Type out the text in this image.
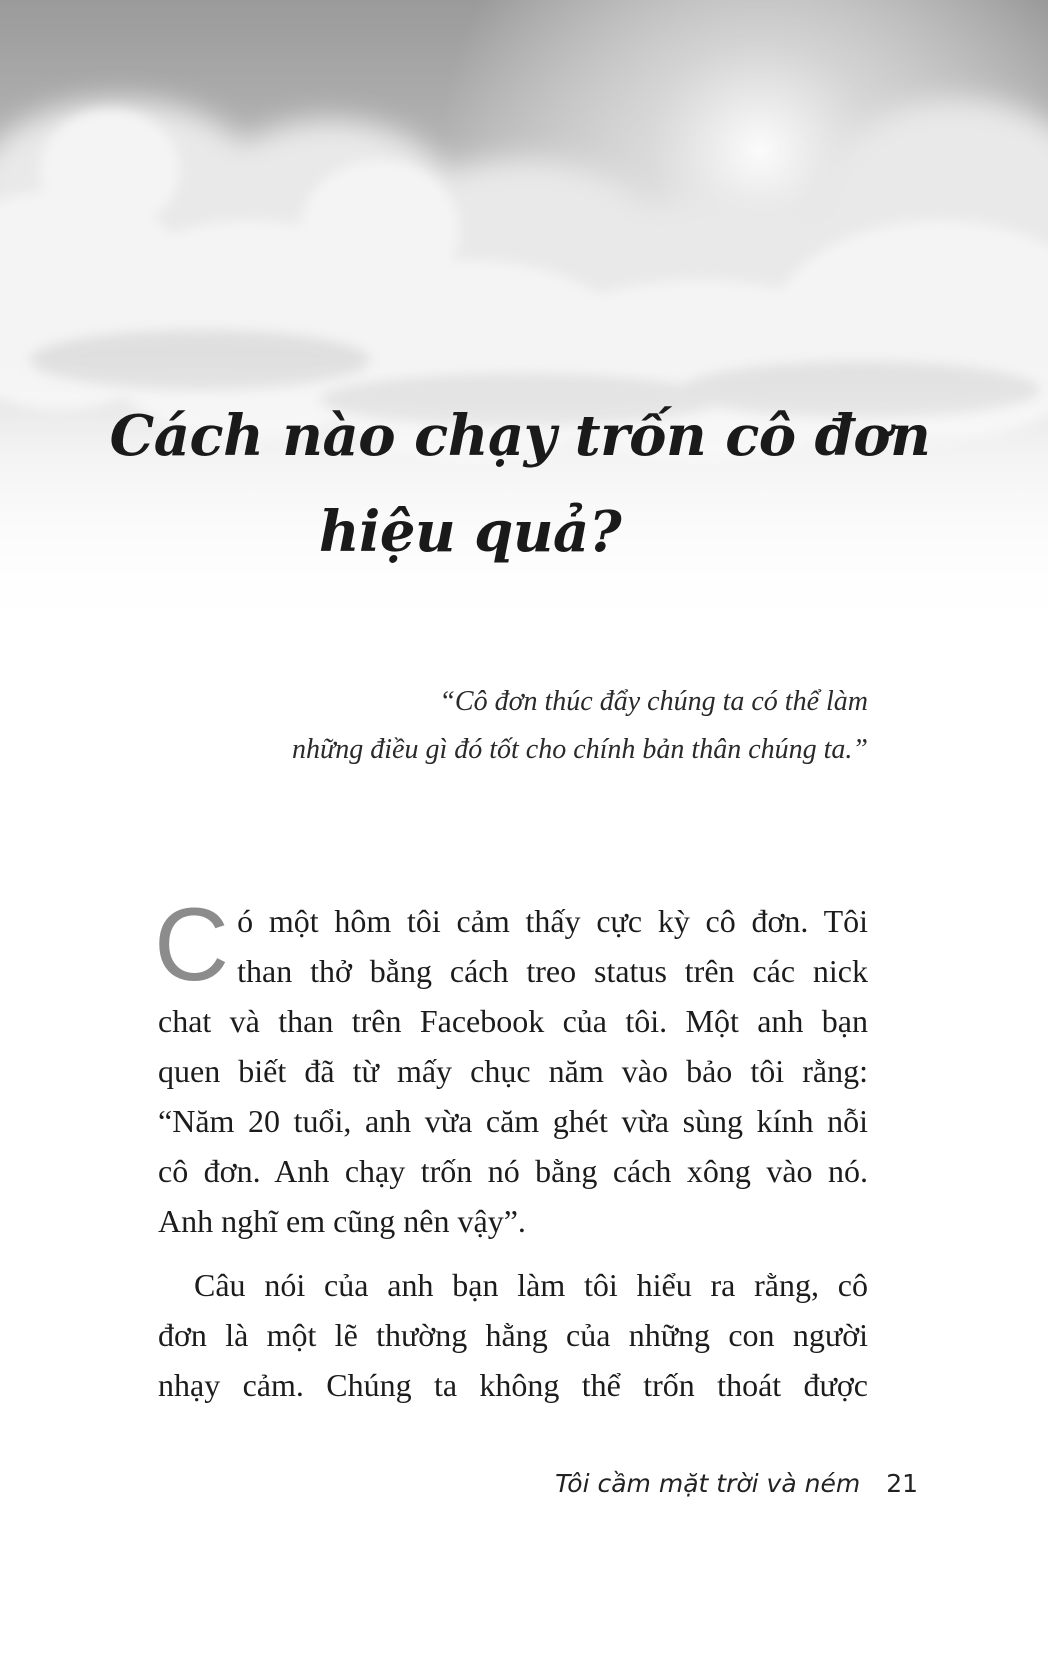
Cách nào chạy trốn cô đơn
hiệu quả?
“Cô đơn thúc đẩy chúng ta có thể làm
những điều gì đó tốt cho chính bản thân chúng ta.”
C ó một hôm tôi cảm thấy cực kỳ cô đơn. Tôi
than thở bằng cách treo status trên các nick
chat và than trên Facebook của tôi. Một anh bạn
quen biết đã từ mấy chục năm vào bảo tôi rằng:
“Năm 20 tuổi, anh vừa căm ghét vừa sùng kính nỗi
cô đơn. Anh chạy trốn nó bằng cách xông vào nó.
Anh nghĩ em cũng nên vậy”.
Câu nói của anh bạn làm tôi hiểu ra rằng, cô
đơn là một lẽ thường hằng của những con người
nhạy cảm. Chúng ta không thể trốn thoát được
Tôi cầm mặt trời và ném 21
